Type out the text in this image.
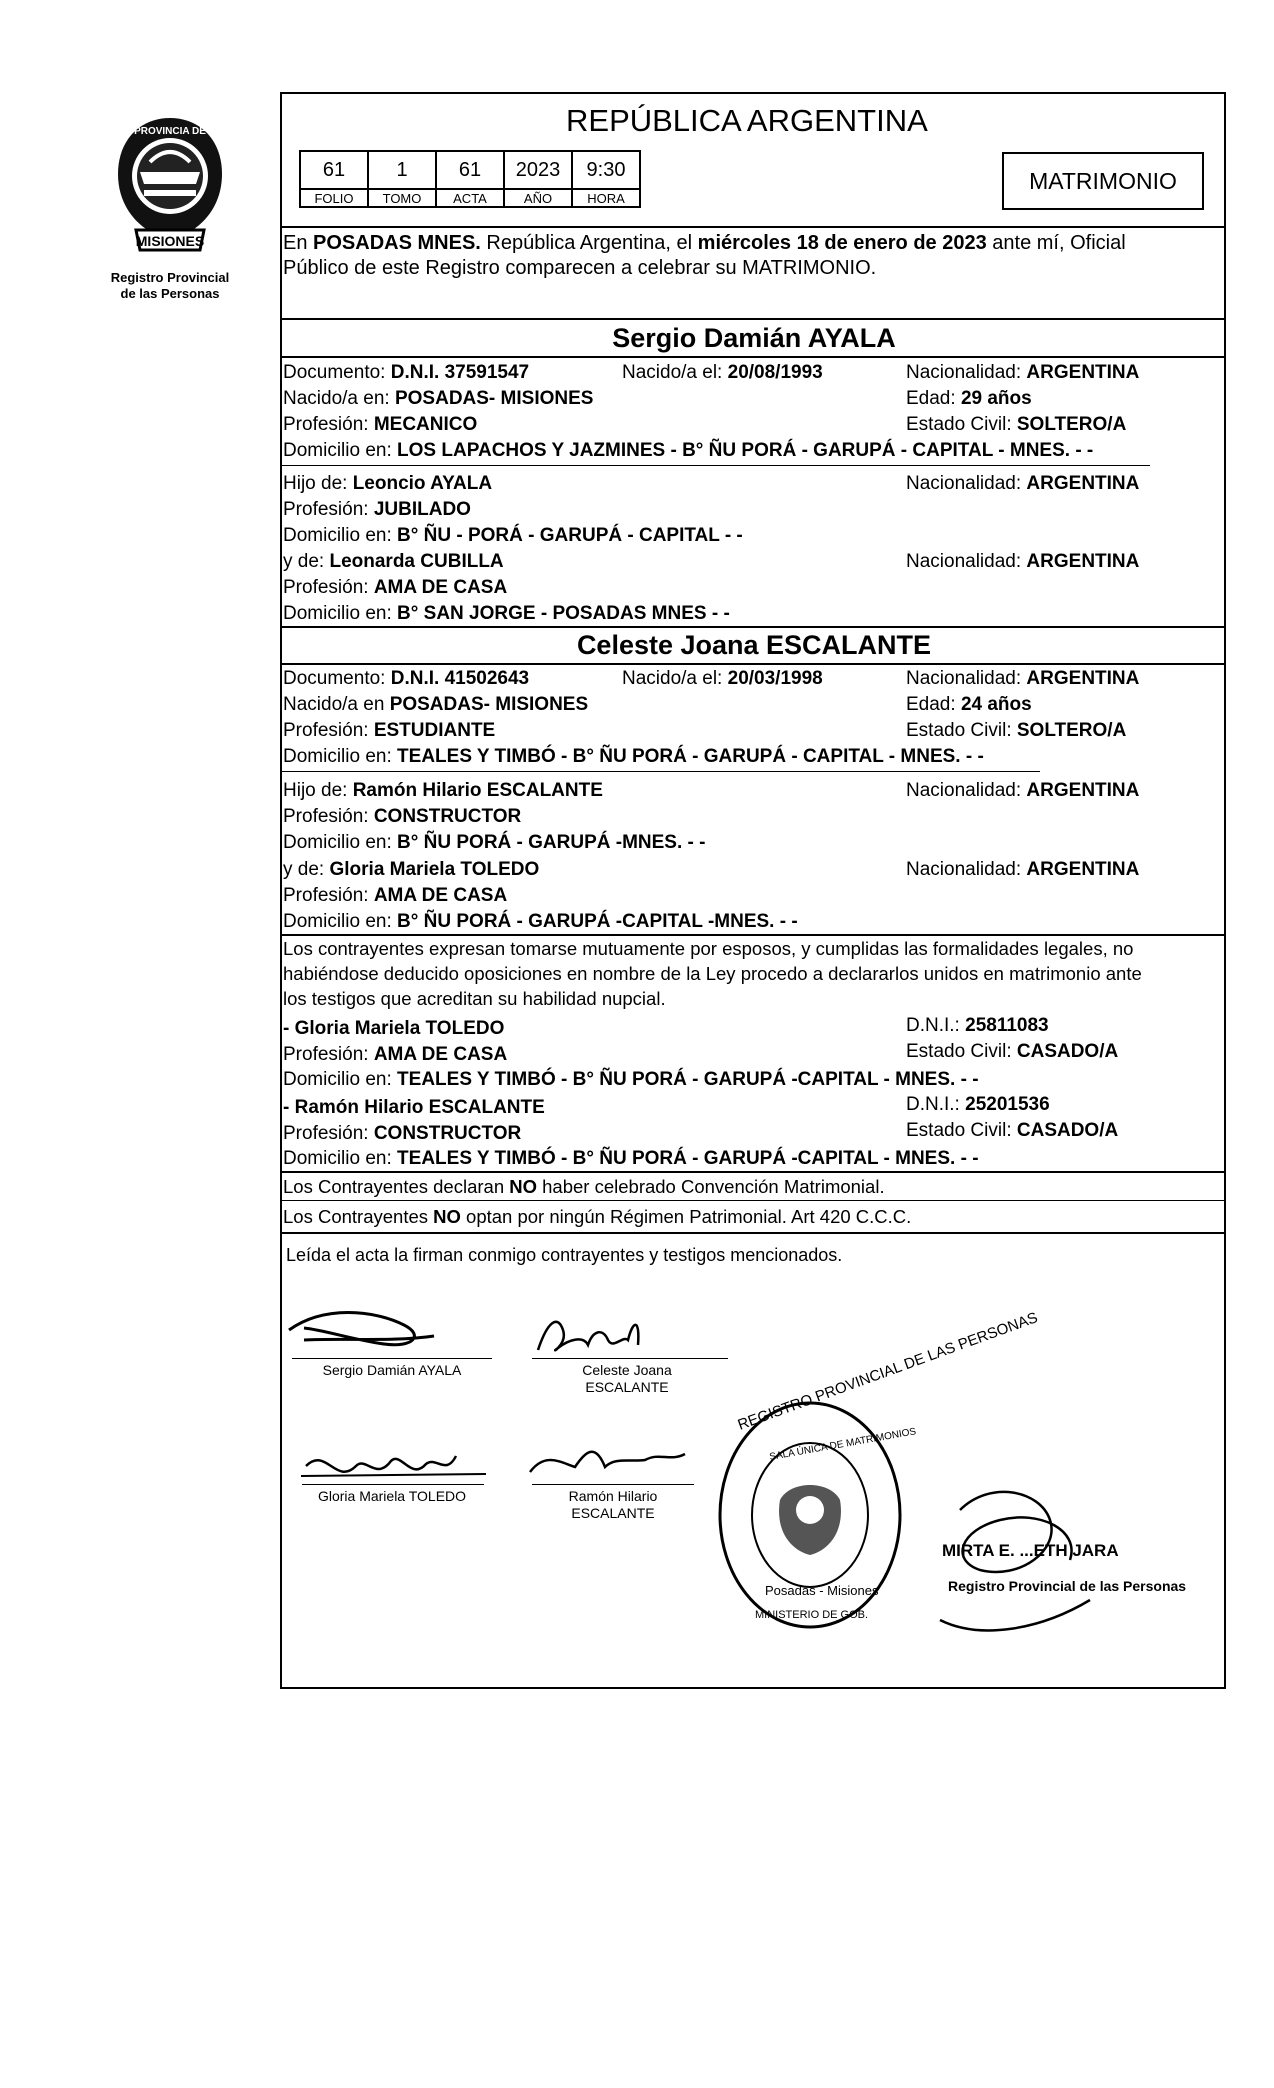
MISIONES
PROVINCIA DE
Registro Provincial
de las Personas
REPÚBLICA ARGENTINA
61	1	61	2023	9:30
FOLIO	TOMO	ACTA	AÑO	HORA
MATRIMONIO
En POSADAS MNES. República Argentina, el miércoles 18 de enero de 2023 ante mí, Oficial
Público de este Registro comparecen a celebrar su MATRIMONIO.
Sergio Damián AYALA
Documento: D.N.I. 37591547	Nacido/a el: 20/08/1993	Nacionalidad: ARGENTINA
Nacido/a en: POSADAS- MISIONES	Edad: 29 años
Profesión: MECANICO	Estado Civil: SOLTERO/A
Domicilio en: LOS LAPACHOS Y JAZMINES - B° ÑU PORÁ - GARUPÁ - CAPITAL - MNES. - -
Hijo de: Leoncio AYALA	Nacionalidad: ARGENTINA
Profesión: JUBILADO
Domicilio en: B° ÑU - PORÁ - GARUPÁ - CAPITAL - -
y de: Leonarda CUBILLA	Nacionalidad: ARGENTINA
Profesión: AMA DE CASA
Domicilio en: B° SAN JORGE - POSADAS MNES - -
Celeste Joana ESCALANTE
Documento: D.N.I. 41502643	Nacido/a el: 20/03/1998	Nacionalidad: ARGENTINA
Nacido/a en POSADAS- MISIONES	Edad: 24 años
Profesión: ESTUDIANTE	Estado Civil: SOLTERO/A
Domicilio en: TEALES Y TIMBÓ - B° ÑU PORÁ - GARUPÁ - CAPITAL - MNES. - -
Hijo de: Ramón Hilario ESCALANTE	Nacionalidad: ARGENTINA
Profesión: CONSTRUCTOR
Domicilio en: B° ÑU PORÁ - GARUPÁ -MNES. - -
y de: Gloria Mariela TOLEDO	Nacionalidad: ARGENTINA
Profesión: AMA DE CASA
Domicilio en: B° ÑU PORÁ - GARUPÁ -CAPITAL -MNES. - -
Los contrayentes expresan tomarse mutuamente por esposos, y cumplidas las formalidades legales, no
habiéndose deducido oposiciones en nombre de la Ley procedo a declararlos unidos en matrimonio ante
los testigos que acreditan su habilidad nupcial.
- Gloria Mariela TOLEDO	D.N.I.: 25811083
Profesión: AMA DE CASA	Estado Civil: CASADO/A
Domicilio en: TEALES Y TIMBÓ - B° ÑU PORÁ - GARUPÁ -CAPITAL - MNES. - -
- Ramón Hilario ESCALANTE	D.N.I.: 25201536
Profesión: CONSTRUCTOR	Estado Civil: CASADO/A
Domicilio en: TEALES Y TIMBÓ - B° ÑU PORÁ - GARUPÁ -CAPITAL - MNES. - -
Los Contrayentes declaran NO haber celebrado Convención Matrimonial.
Los Contrayentes NO optan por ningún Régimen Patrimonial. Art 420 C.C.C.
Leída el acta la firman conmigo contrayentes y testigos mencionados.
Sergio Damián AYALA	Celeste Joana
ESCALANTE
Gloria Mariela TOLEDO	Ramón Hilario
ESCALANTE
REGISTRO PROVINCIAL DE LAS PERSONAS
SALA ÚNICA DE MATRIMONIOS
Posadas - Misiones
MINISTERIO DE GOB.
MIRTA E. ...ETH JARA
Registro Provincial de las Personas
